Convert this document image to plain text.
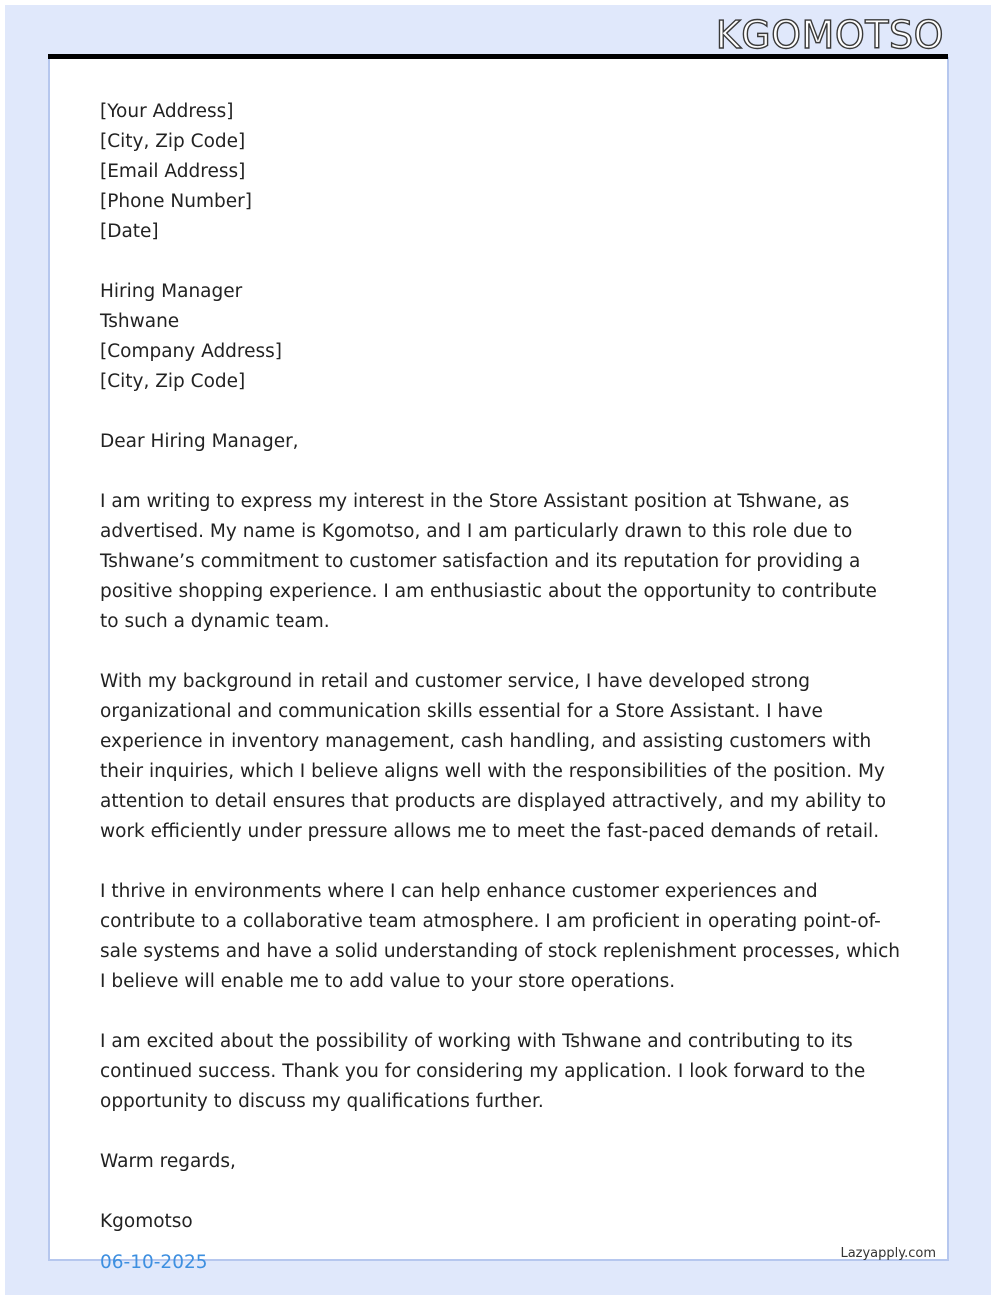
KGOMOTSO
[Your Address]
[City, Zip Code]
[Email Address]
[Phone Number]
[Date]
Hiring Manager
Tshwane
[Company Address]
[City, Zip Code]
Dear Hiring Manager,
I am writing to express my interest in the Store Assistant position at Tshwane, as advertised. My name is Kgomotso, and I am particularly drawn to this role due to Tshwane’s commitment to customer satisfaction and its reputation for providing a positive shopping experience. I am enthusiastic about the opportunity to contribute to such a dynamic team.
With my background in retail and customer service, I have developed strong organizational and communication skills essential for a Store Assistant. I have experience in inventory management, cash handling, and assisting customers with their inquiries, which I believe aligns well with the responsibilities of the position. My attention to detail ensures that products are displayed attractively, and my ability to work efficiently under pressure allows me to meet the fast-paced demands of retail.
I thrive in environments where I can help enhance customer experiences and contribute to a collaborative team atmosphere. I am proficient in operating point-of-sale systems and have a solid understanding of stock replenishment processes, which I believe will enable me to add value to your store operations.
I am excited about the possibility of working with Tshwane and contributing to its continued success. Thank you for considering my application. I look forward to the opportunity to discuss my qualifications further.
Warm regards,
Kgomotso
06-10-2025	Lazyapply.com
